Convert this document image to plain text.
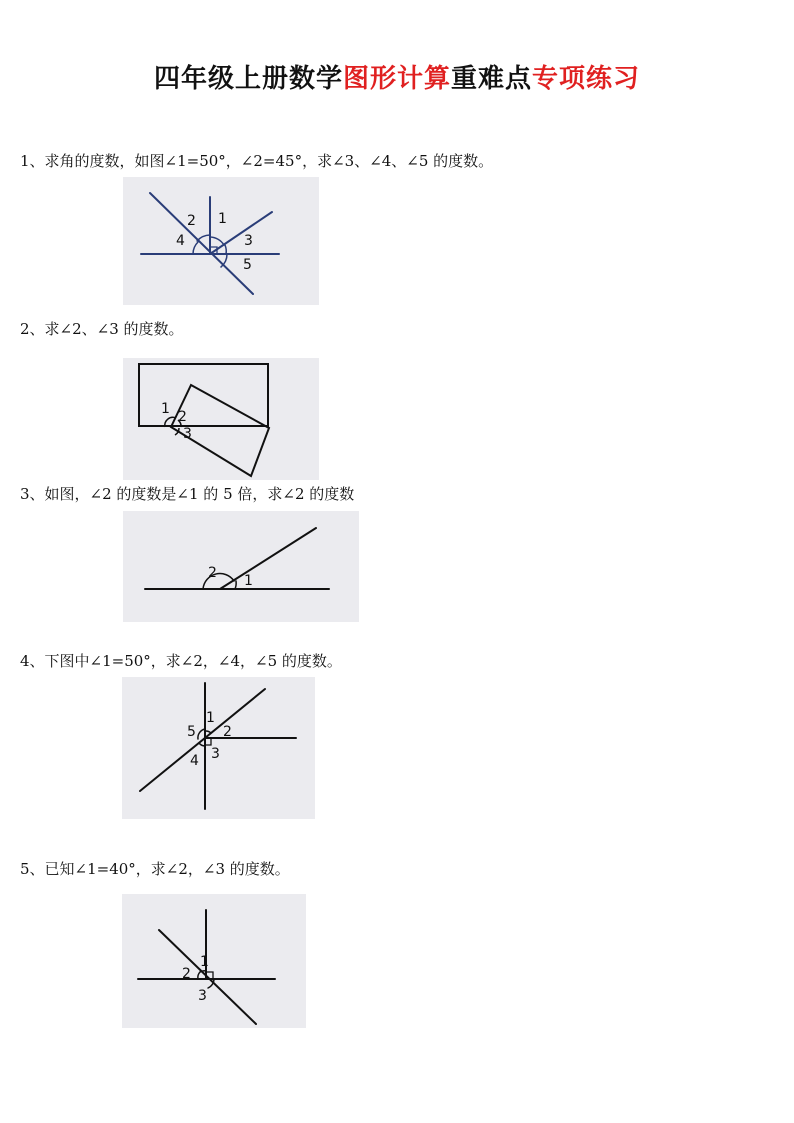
四年级上册数学图形计算重难点专项练习
1、求角的度数，如图∠1=50°，∠2=45°，求∠3、∠4、∠5 的度数。
1
2
3
4
5
2、求∠2、∠3 的度数。
1 2
3
3、如图，∠2 的度数是∠1 的 5 倍，求∠2 的度数
2 1
4、下图中∠1=50°，求∠2，∠4，∠5 的度数。
1
2
3
4
5
5、已知∠1=40°，求∠2，∠3 的度数。
1
2
3
